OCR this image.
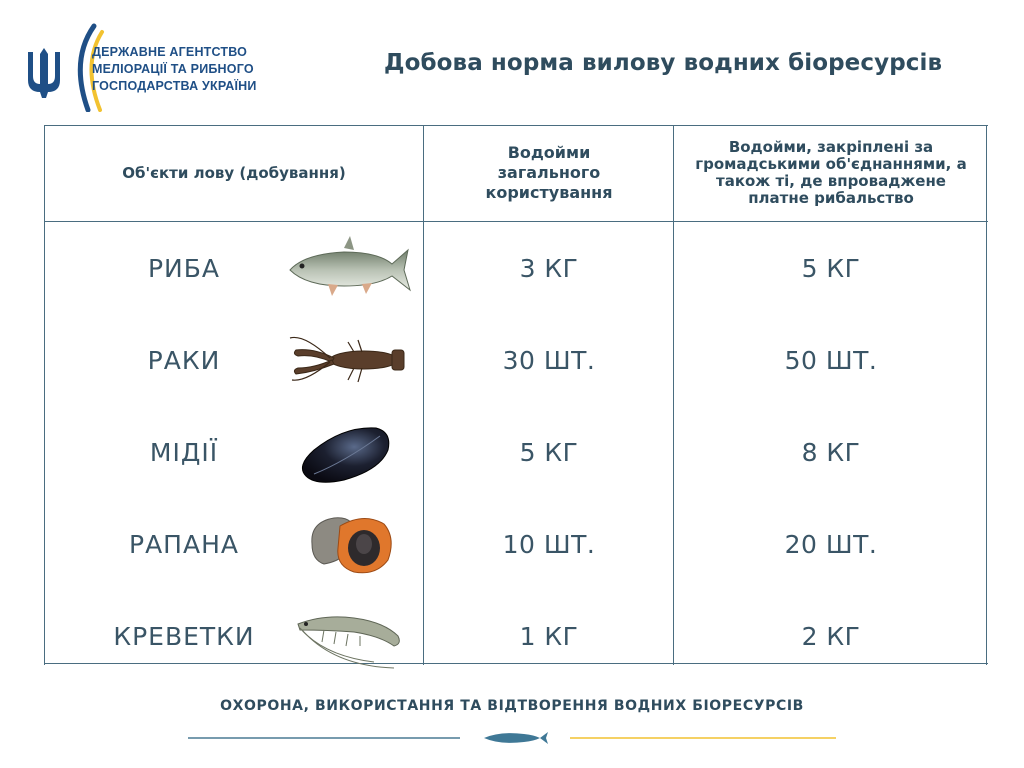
ДЕРЖАВНЕ АГЕНТСТВО
МЕЛІОРАЦІЇ ТА РИБНОГО
ГОСПОДАРСТВА УКРАЇНИ
Добова норма вилову водних біоресурсів
Об'єкти лову (добування)
Водойми загального користування
Водойми, закріплені за громадськими об'єднаннями, а також ті, де впроваджене платне рибальство
РИБА	3 КГ	5 КГ
РАКИ	30 ШТ.	50 ШТ.
МІДІЇ	5 КГ	8 КГ
РАПАНА	10 ШТ.	20 ШТ.
КРЕВЕТКИ	1 КГ	2 КГ
ОХОРОНА, ВИКОРИСТАННЯ ТА ВІДТВОРЕННЯ ВОДНИХ БІОРЕСУРСІВ
